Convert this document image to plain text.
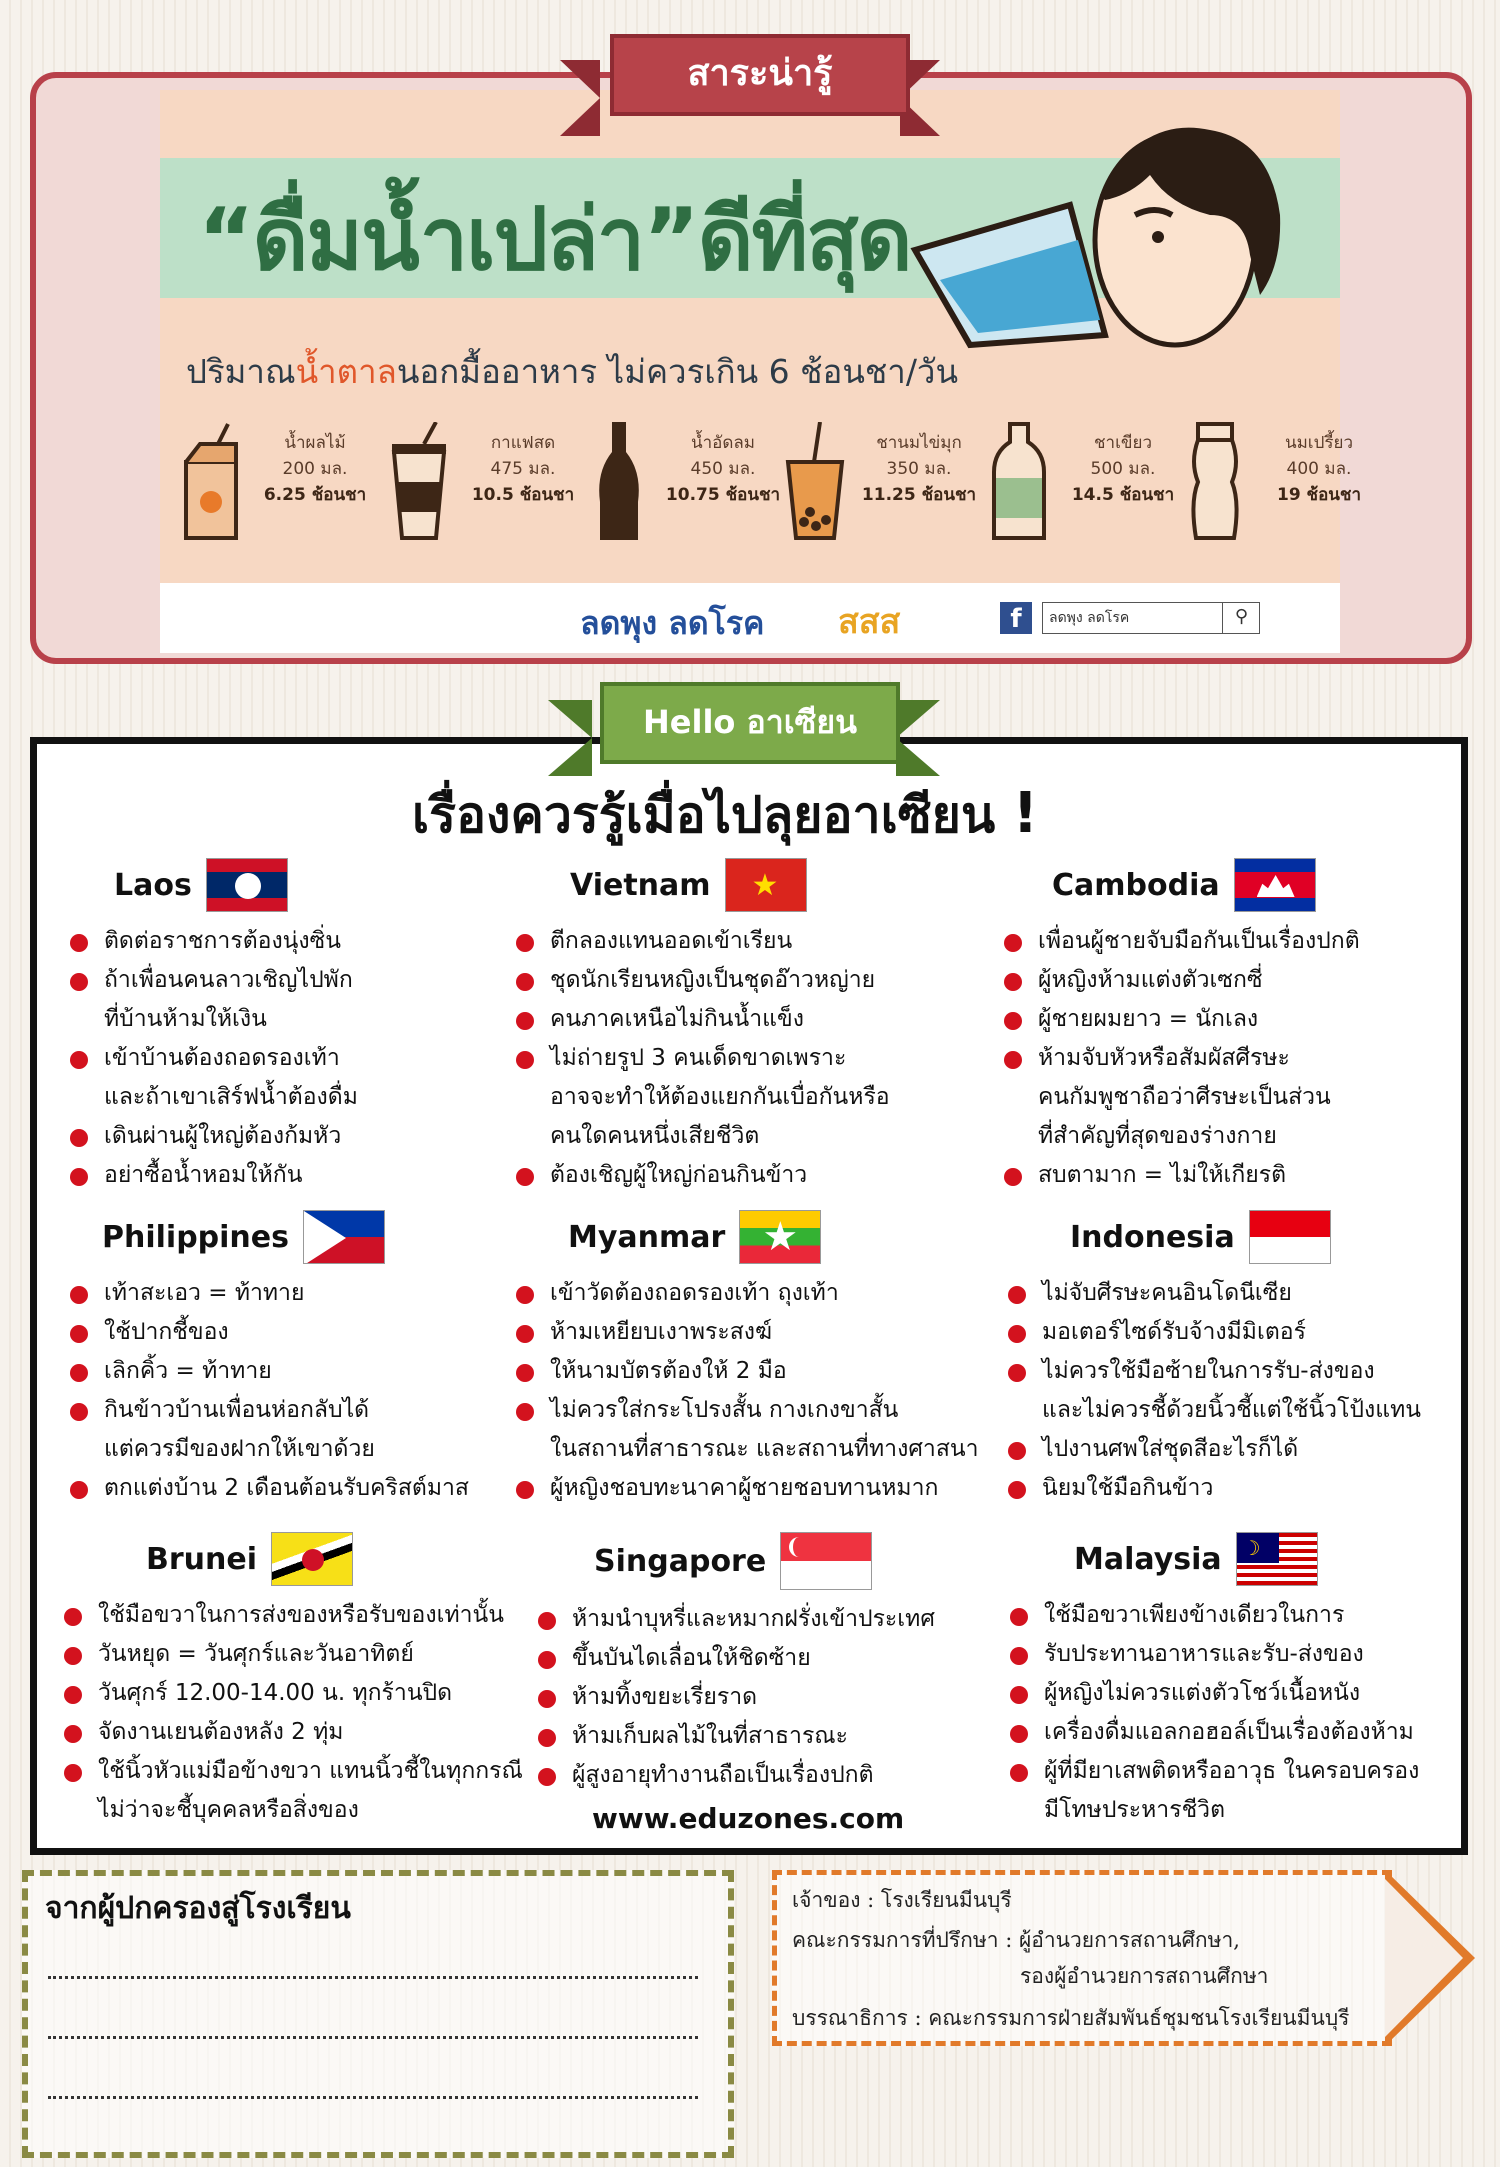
“ดื่มน้ำเปล่า”ดีที่สุด
ปริมาณน้ำตาลนอกมื้ออาหาร ไม่ควรเกิน 6 ช้อนชา/วัน
น้ำผลไม้
200 มล.
6.25 ช้อนชา
กาแฟสด
475 มล.
10.5 ช้อนชา
น้ำอัดลม
450 มล.
10.75 ช้อนชา
ชานมไข่มุก
350 มล.
11.25 ช้อนชา
ชาเขียว
500 มล.
14.5 ช้อนชา
นมเปรี้ยว
400 มล.
19 ช้อนชา
ลดพุง ลดโรค สสส	f	ลดพุง ลดโรค	⚲
สาระน่ารู้
Hello อาเซียน
เรื่องควรรู้เมื่อไปลุยอาเซียน !
Laos
ติดต่อราชการต้องนุ่งซิ่น
ถ้าเพื่อนคนลาวเชิญไปพัก
ที่บ้านห้ามให้เงิน
เข้าบ้านต้องถอดรองเท้า
และถ้าเขาเสิร์ฟน้ำต้องดื่ม
เดินผ่านผู้ใหญ่ต้องก้มหัว
อย่าซื้อน้ำหอมให้กัน
Vietnam ★
ตีกลองแทนออดเข้าเรียน
ชุดนักเรียนหญิงเป็นชุดอ๊าวหญ่าย
คนภาคเหนือไม่กินน้ำแข็ง
ไม่ถ่ายรูป 3 คนเด็ดขาดเพราะ
อาจจะทำให้ต้องแยกกันเบื่อกันหรือ
คนใดคนหนึ่งเสียชีวิต
ต้องเชิญผู้ใหญ่ก่อนกินข้าว
Cambodia
เพื่อนผู้ชายจับมือกันเป็นเรื่องปกติ
ผู้หญิงห้ามแต่งตัวเซกซี่
ผู้ชายผมยาว = นักเลง
ห้ามจับหัวหรือสัมผัสศีรษะ
คนกัมพูชาถือว่าศีรษะเป็นส่วน
ที่สำคัญที่สุดของร่างกาย
สบตามาก = ไม่ให้เกียรติ
Philippines
เท้าสะเอว = ท้าทาย
ใช้ปากชี้ของ
เลิกคิ้ว = ท้าทาย
กินข้าวบ้านเพื่อนห่อกลับได้
แต่ควรมีของฝากให้เขาด้วย
ตกแต่งบ้าน 2 เดือนต้อนรับคริสต์มาส
Myanmar ★
เข้าวัดต้องถอดรองเท้า ถุงเท้า
ห้ามเหยียบเงาพระสงฆ์
ให้นามบัตรต้องให้ 2 มือ
ไม่ควรใส่กระโปรงสั้น กางเกงขาสั้น
ในสถานที่สาธารณะ และสถานที่ทางศาสนา
ผู้หญิงชอบทะนาคาผู้ชายชอบทานหมาก
Indonesia
ไม่จับศีรษะคนอินโดนีเซีย
มอเตอร์ไซด์รับจ้างมีมิเตอร์
ไม่ควรใช้มือซ้ายในการรับ-ส่งของ
และไม่ควรชี้ด้วยนิ้วชี้แต่ใช้นิ้วโป้งแทน
ไปงานศพใส่ชุดสีอะไรก็ได้
นิยมใช้มือกินข้าว
Brunei
ใช้มือขวาในการส่งของหรือรับของเท่านั้น
วันหยุด = วันศุกร์และวันอาทิตย์
วันศุกร์ 12.00-14.00 น. ทุกร้านปิด
จัดงานเยนต้องหลัง 2 ทุ่ม
ใช้นิ้วหัวแม่มือข้างขวา แทนนิ้วชี้ในทุกกรณี
ไม่ว่าจะชี้บุคคลหรือสิ่งของ
Singapore
ห้ามนำบุหรี่และหมากฝรั่งเข้าประเทศ
ขึ้นบันไดเลื่อนให้ชิดซ้าย
ห้ามทิ้งขยะเรี่ยราด
ห้ามเก็บผลไม้ในที่สาธารณะ
ผู้สูงอายุทำงานถือเป็นเรื่องปกติ
Malaysia ☽
ใช้มือขวาเพียงข้างเดียวในการ
รับประทานอาหารและรับ-ส่งของ
ผู้หญิงไม่ควรแต่งตัวโชว์เนื้อหนัง
เครื่องดื่มแอลกอฮอล์เป็นเรื่องต้องห้าม
ผู้ที่มียาเสพติดหรืออาวุธ ในครอบครอง
มีโทษประหารชีวิต
www.eduzones.com
จากผู้ปกครองสู่โรงเรียน	เจ้าของ : โรงเรียนมีนบุรี
คณะกรรมการที่ปรึกษา : ผู้อำนวยการสถานศึกษา,
รองผู้อำนวยการสถานศึกษา
บรรณาธิการ : คณะกรรมการฝ่ายสัมพันธ์ชุมชนโรงเรียนมีนบุรี
